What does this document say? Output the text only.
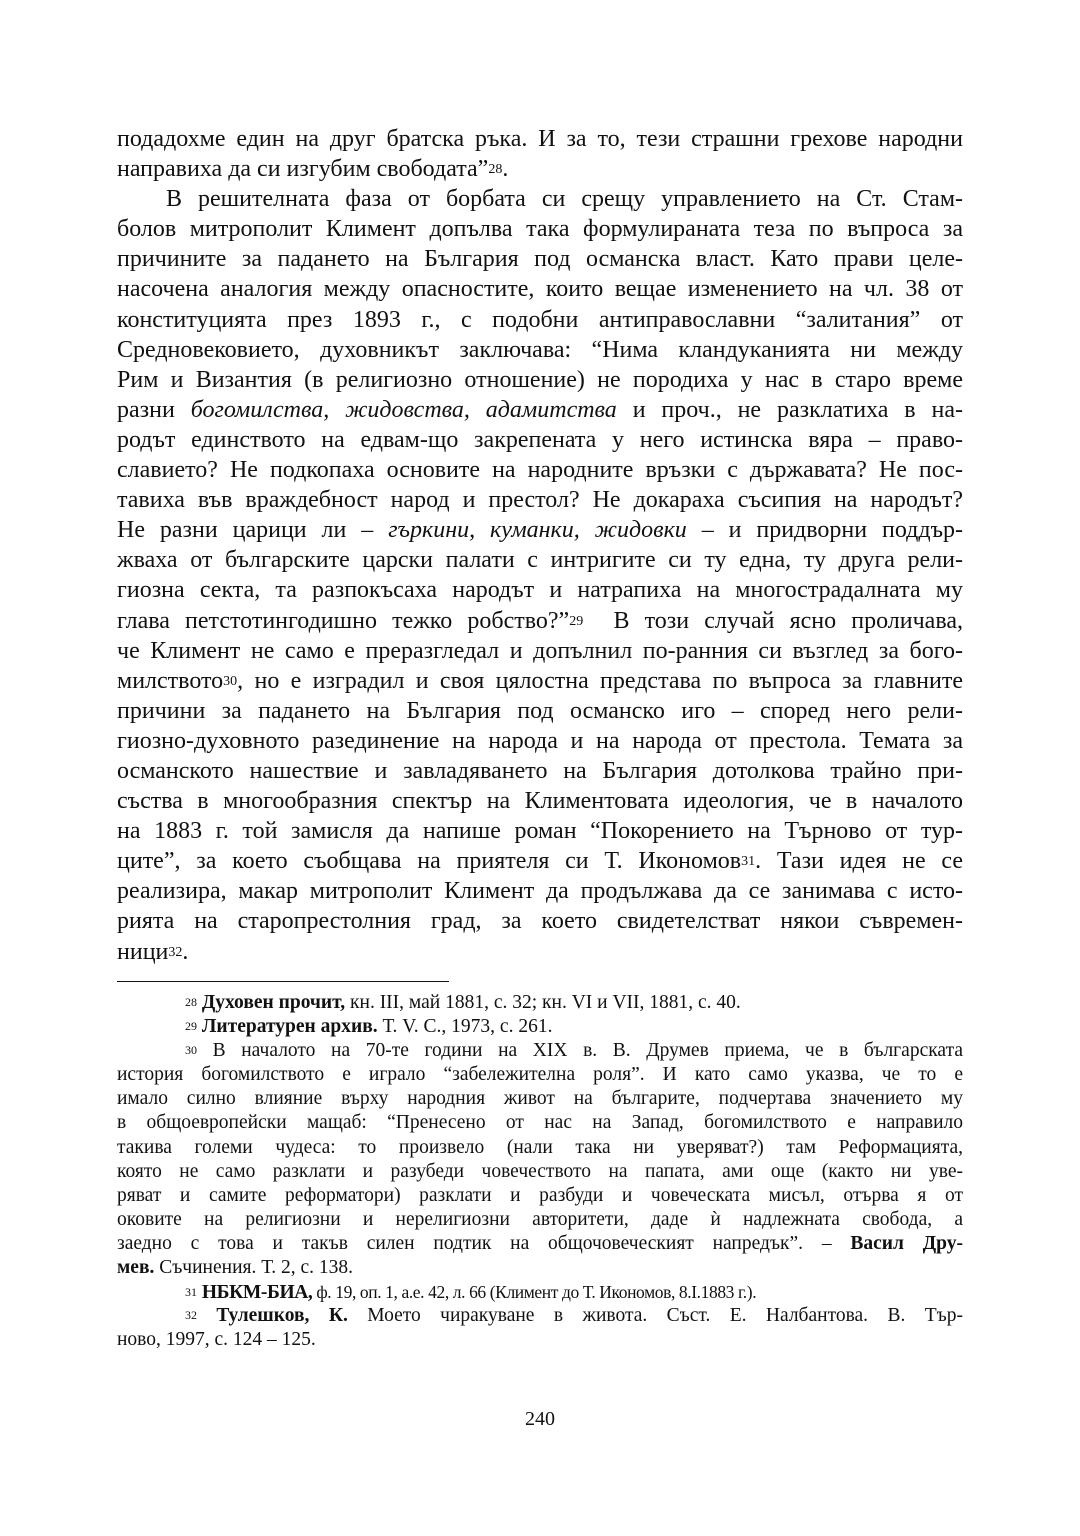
подадохме един на друг братска ръка. И за то, тези страшни грехове народни
направиха да си изгубим свободата”$^{28}$.
В решителната фаза от борбата си срещу управлението на Ст. Стам-
болов митрополит Климент допълва така формулираната теза по въпроса за
причините за падането на България под османска власт. Като прави целе-
насочена аналогия между опасностите, които вещае изменението на чл. 38 от
конституцията през 1893 г., с подобни антиправославни “залитания” от
Средновековието, духовникът заключава: “Нима кландуканията ни между
Рим и Византия (в религиозно отношение) не породиха у нас в старо време
разни богомилства, жидовства, адамитства и проч., не разклатиха в на-
родът единството на едвам-що закрепената у него истинска вяра – право-
славието? Не подкопаха основите на народните връзки с държавата? Не пос-
тавиха във враждебност народ и престол? Не докараха съсипия на народът?
Не разни царици ли – гъркини, куманки, жидовки – и придворни поддър-
жваха от българските царски палати с интригите си ту една, ту друга рели-
гиозна секта, та разпокъсаха народът и натрапиха на многострадалната му
глава петстотингодишно тежко робство?”$^{29}$  В този случай ясно проличава,
че Климент не само е преразгледал и допълнил по-ранния си възглед за бого-
милството$^{30}$, но е изградил и своя цялостна представа по въпроса за главните
причини за падането на България под османско иго – според него рели-
гиозно-духовното разединение на народа и на народа от престола. Темата за
османското нашествие и завладяването на България дотолкова трайно при-
съства в многообразния спектър на Климентовата идеология, че в началото
на 1883 г. той замисля да напише роман “Покорението на Търново от тур-
ците”, за което съобщава на приятеля си Т. Икономов$^{31}$. Тази идея не се
реализира, макар митрополит Климент да продължава да се занимава с исто-
рията на старопрестолния град, за което свидетелстват някои съвремен-
ници$^{32}$.
$^{28}$ Духовен прочит, кн. III, май 1881, с. 32; кн. VI и VII, 1881, с. 40.
$^{29}$ Литературен архив. Т. V. С., 1973, с. 261.
$^{30}$ В началото на 70-те години на XIX в. В. Друмев приема, че в българската
история богомилството е играло “забележителна роля”. И като само указва, че то е
имало силно влияние върху народния живот на българите, подчертава значението му
в общоевропейски мащаб: “Пренесено от нас на Запад, богомилството е направило
такива големи чудеса: то произвело (нали така ни уверяват?) там Реформацията,
която не само разклати и разубеди човечеството на папата, ами още (както ни уве-
ряват и самите реформатори) разклати и разбуди и човеческата мисъл, отърва я от
оковите на религиозни и нерелигиозни авторитети, даде ѝ надлежната свобода, а
заедно с това и такъв силен подтик на общочовеческият напредък”. – Васил Дру-
мев. Съчинения. Т. 2, с. 138.
$^{31}$ НБКМ-БИА, ф. 19, оп. 1, а.е. 42, л. 66 (Климент до Т. Икономов, 8.I.1883 г.).
$^{32}$ Тулешков, К. Моето чиракуване в живота. Съст. Е. Налбантова. В. Тър-
ново, 1997, с. 124 – 125.
240
